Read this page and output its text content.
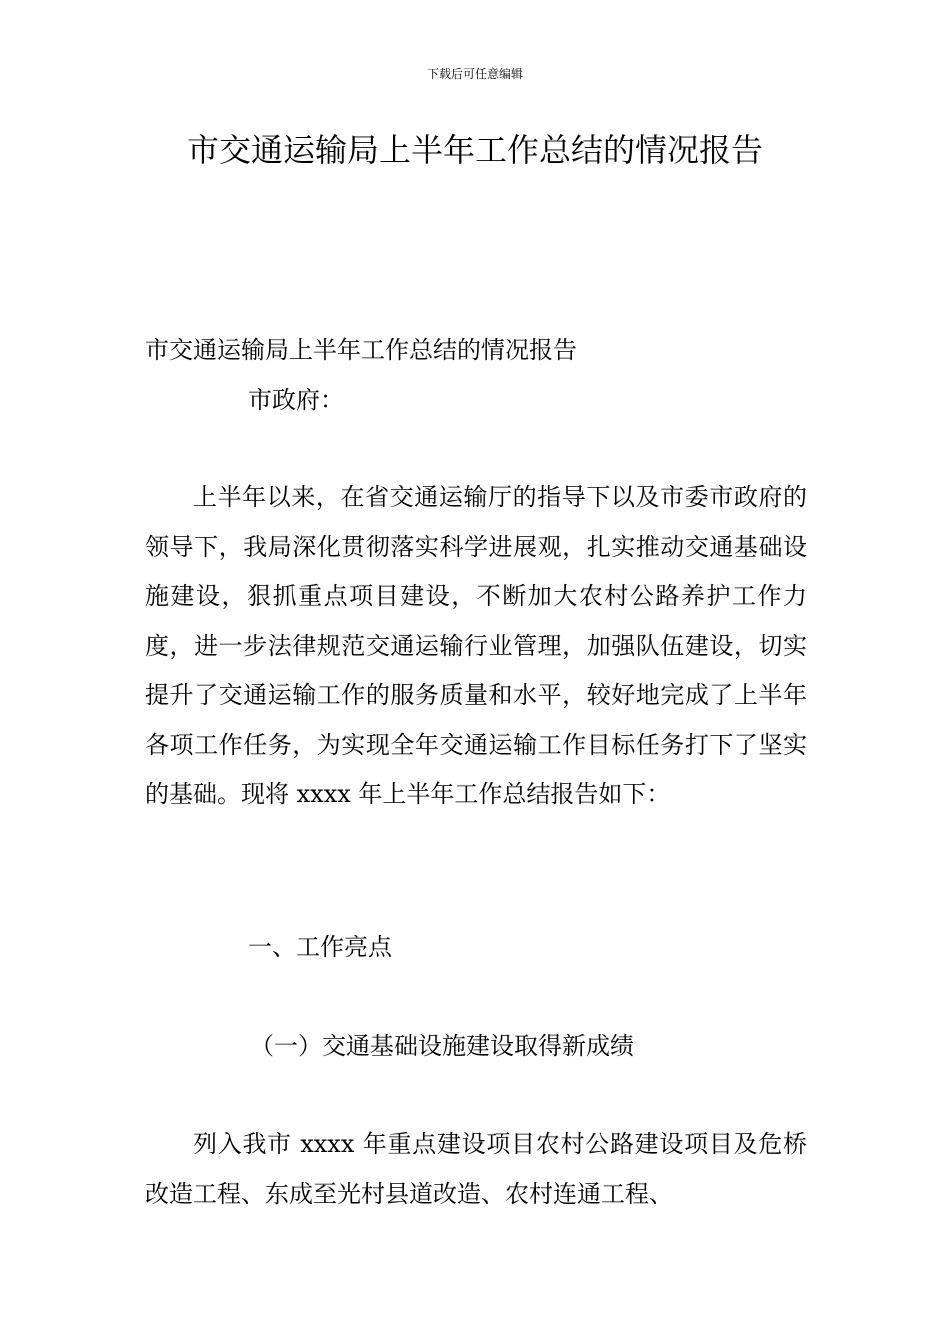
下载后可任意编辑
市交通运输局上半年工作总结的情况报告
市交通运输局上半年工作总结的情况报告
市政府：

上半年以来，在省交通运输厅的指导下以及市委市政府的领导下，我局深化贯彻落实科学进展观，扎实推动交通基础设施建设，狠抓重点项目建设，不断加大农村公路养护工作力度，进一步法律规范交通运输行业管理，加强队伍建设，切实提升了交通运输工作的服务质量和水平，较好地完成了上半年各项工作任务，为实现全年交通运输工作目标任务打下了坚实的基础。现将 xxxx 年上半年工作总结报告如下：

一、工作亮点
（一）交通基础设施建设取得新成绩

列入我市 xxxx 年重点建设项目农村公路建设项目及危桥改造工程、东成至光村县道改造、农村连通工程、
